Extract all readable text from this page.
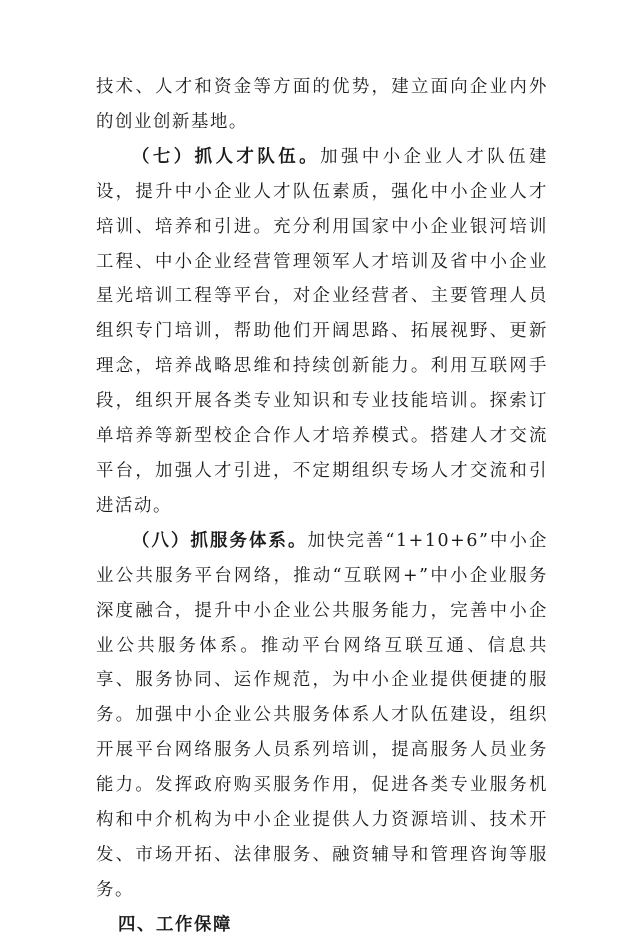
技术、人才和资金等方面的优势，建立面向企业内外的创业创新基地。

（七）抓人才队伍。加强中小企业人才队伍建设，提升中小企业人才队伍素质，强化中小企业人才培训、培养和引进。充分利用国家中小企业银河培训工程、中小企业经营管理领军人才培训及省中小企业星光培训工程等平台，对企业经营者、主要管理人员组织专门培训，帮助他们开阔思路、拓展视野、更新理念，培养战略思维和持续创新能力。利用互联网手段，组织开展各类专业知识和专业技能培训。探索订单培养等新型校企合作人才培养模式。搭建人才交流平台，加强人才引进，不定期组织专场人才交流和引进活动。

（八）抓服务体系。加快完善“1+10+6”中小企业公共服务平台网络，推动“互联网+”中小企业服务深度融合，提升中小企业公共服务能力，完善中小企业公共服务体系。推动平台网络互联互通、信息共享、服务协同、运作规范，为中小企业提供便捷的服务。加强中小企业公共服务体系人才队伍建设，组织开展平台网络服务人员系列培训，提高服务人员业务能力。发挥政府购买服务作用，促进各类专业服务机构和中介机构为中小企业提供人力资源培训、技术开发、市场开拓、法律服务、融资辅导和管理咨询等服务。

四、工作保障
